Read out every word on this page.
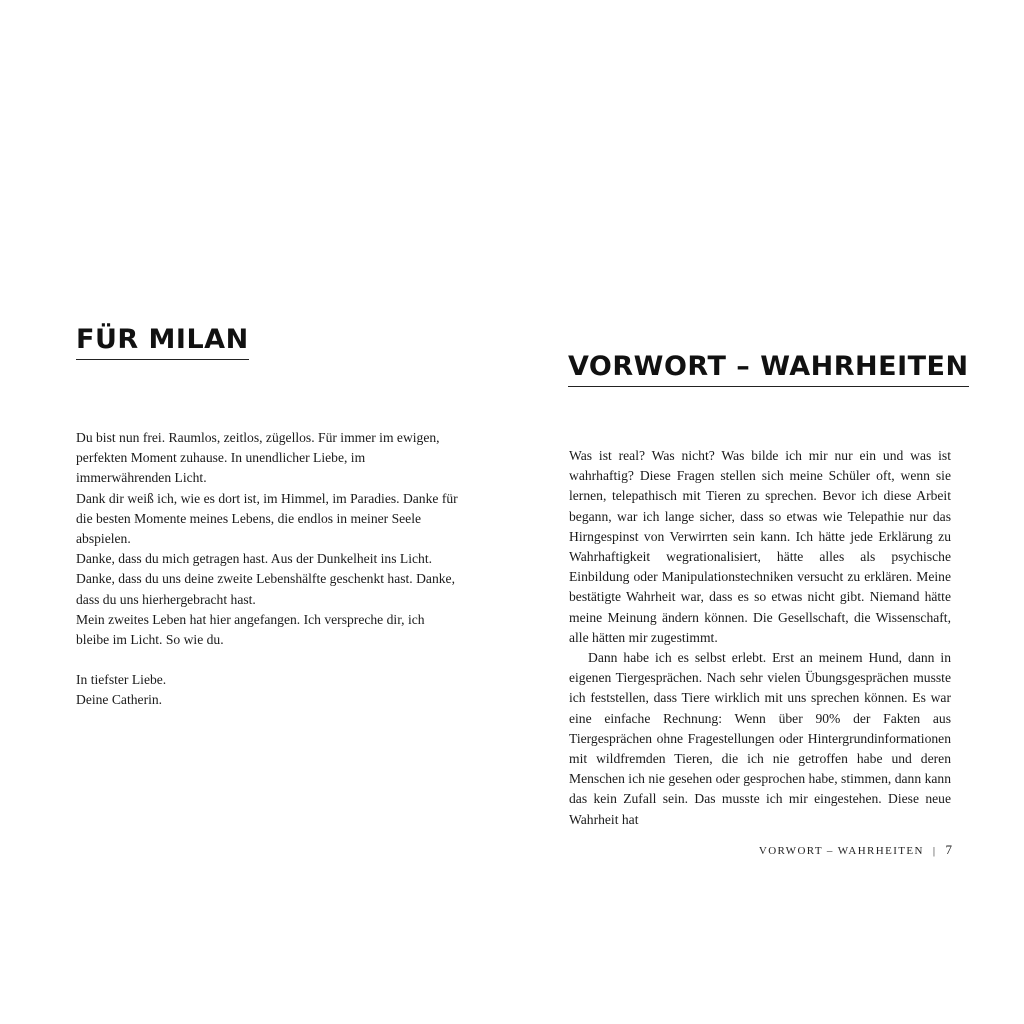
FÜR MILAN

Du bist nun frei. Raumlos, zeitlos, zügellos. Für immer im ewigen, perfekten Moment zuhause. In unendlicher Liebe, im immerwährenden Licht.

Dank dir weiß ich, wie es dort ist, im Himmel, im Paradies. Danke für die besten Momente meines Lebens, die endlos in meiner Seele abspielen.

Danke, dass du mich getragen hast. Aus der Dunkelheit ins Licht. Danke, dass du uns deine zweite Lebenshälfte geschenkt hast. Danke, dass du uns hierhergebracht hast.

Mein zweites Leben hat hier angefangen. Ich verspreche dir, ich bleibe im Licht. So wie du.

In tiefster Liebe.

Deine Catherin.

VORWORT – WAHRHEITEN

Was ist real? Was nicht? Was bilde ich mir nur ein und was ist wahrhaftig? Diese Fragen stellen sich meine Schüler oft, wenn sie lernen, telepathisch mit Tieren zu sprechen. Bevor ich diese Arbeit begann, war ich lange sicher, dass so etwas wie Telepathie nur das Hirngespinst von Verwirrten sein kann. Ich hätte jede Erklärung zu Wahrhaftigkeit wegrationalisiert, hätte alles als psychische Einbildung oder Manipulationstechniken versucht zu erklären. Meine bestätigte Wahrheit war, dass es so etwas nicht gibt. Niemand hätte meine Meinung ändern können. Die Gesellschaft, die Wissenschaft, alle hätten mir zugestimmt.

Dann habe ich es selbst erlebt. Erst an meinem Hund, dann in eigenen Tiergesprächen. Nach sehr vielen Übungsgesprächen musste ich feststellen, dass Tiere wirklich mit uns sprechen können. Es war eine einfache Rechnung: Wenn über 90% der Fakten aus Tiergesprächen ohne Fragestellungen oder Hintergrundinformationen mit wildfremden Tieren, die ich nie getroffen habe und deren Menschen ich nie gesehen oder gesprochen habe, stimmen, dann kann das kein Zufall sein. Das musste ich mir eingestehen. Diese neue Wahrheit hat

VORWORT – WAHRHEITEN | 7
